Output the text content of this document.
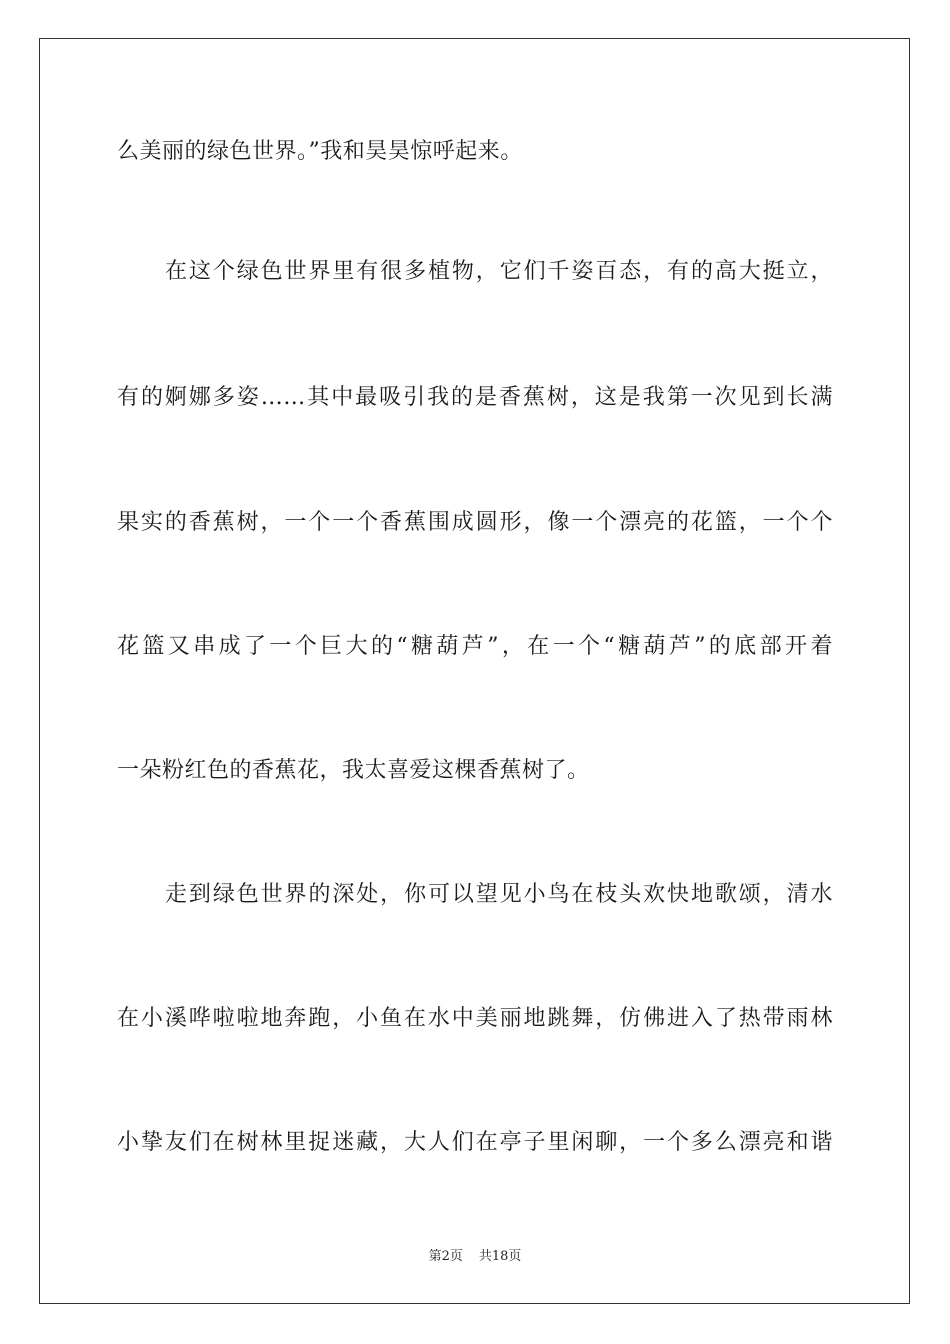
么美丽的绿色世界。”我和昊昊惊呼起来。
在这个绿色世界里有很多植物，它们千姿百态，有的高大挺立，
有的婀娜多姿……其中最吸引我的是香蕉树，这是我第一次见到长满
果实的香蕉树，一个一个香蕉围成圆形，像一个漂亮的花篮，一个个
花篮又串成了一个巨大的“糖葫芦”，在一个“糖葫芦”的底部开着
一朵粉红色的香蕉花，我太喜爱这棵香蕉树了。
走到绿色世界的深处，你可以望见小鸟在枝头欢快地歌颂，清水
在小溪哗啦啦地奔跑，小鱼在水中美丽地跳舞，仿佛进入了热带雨林
小挚友们在树林里捉迷藏，大人们在亭子里闲聊，一个多么漂亮和谐
第2页 共18页
